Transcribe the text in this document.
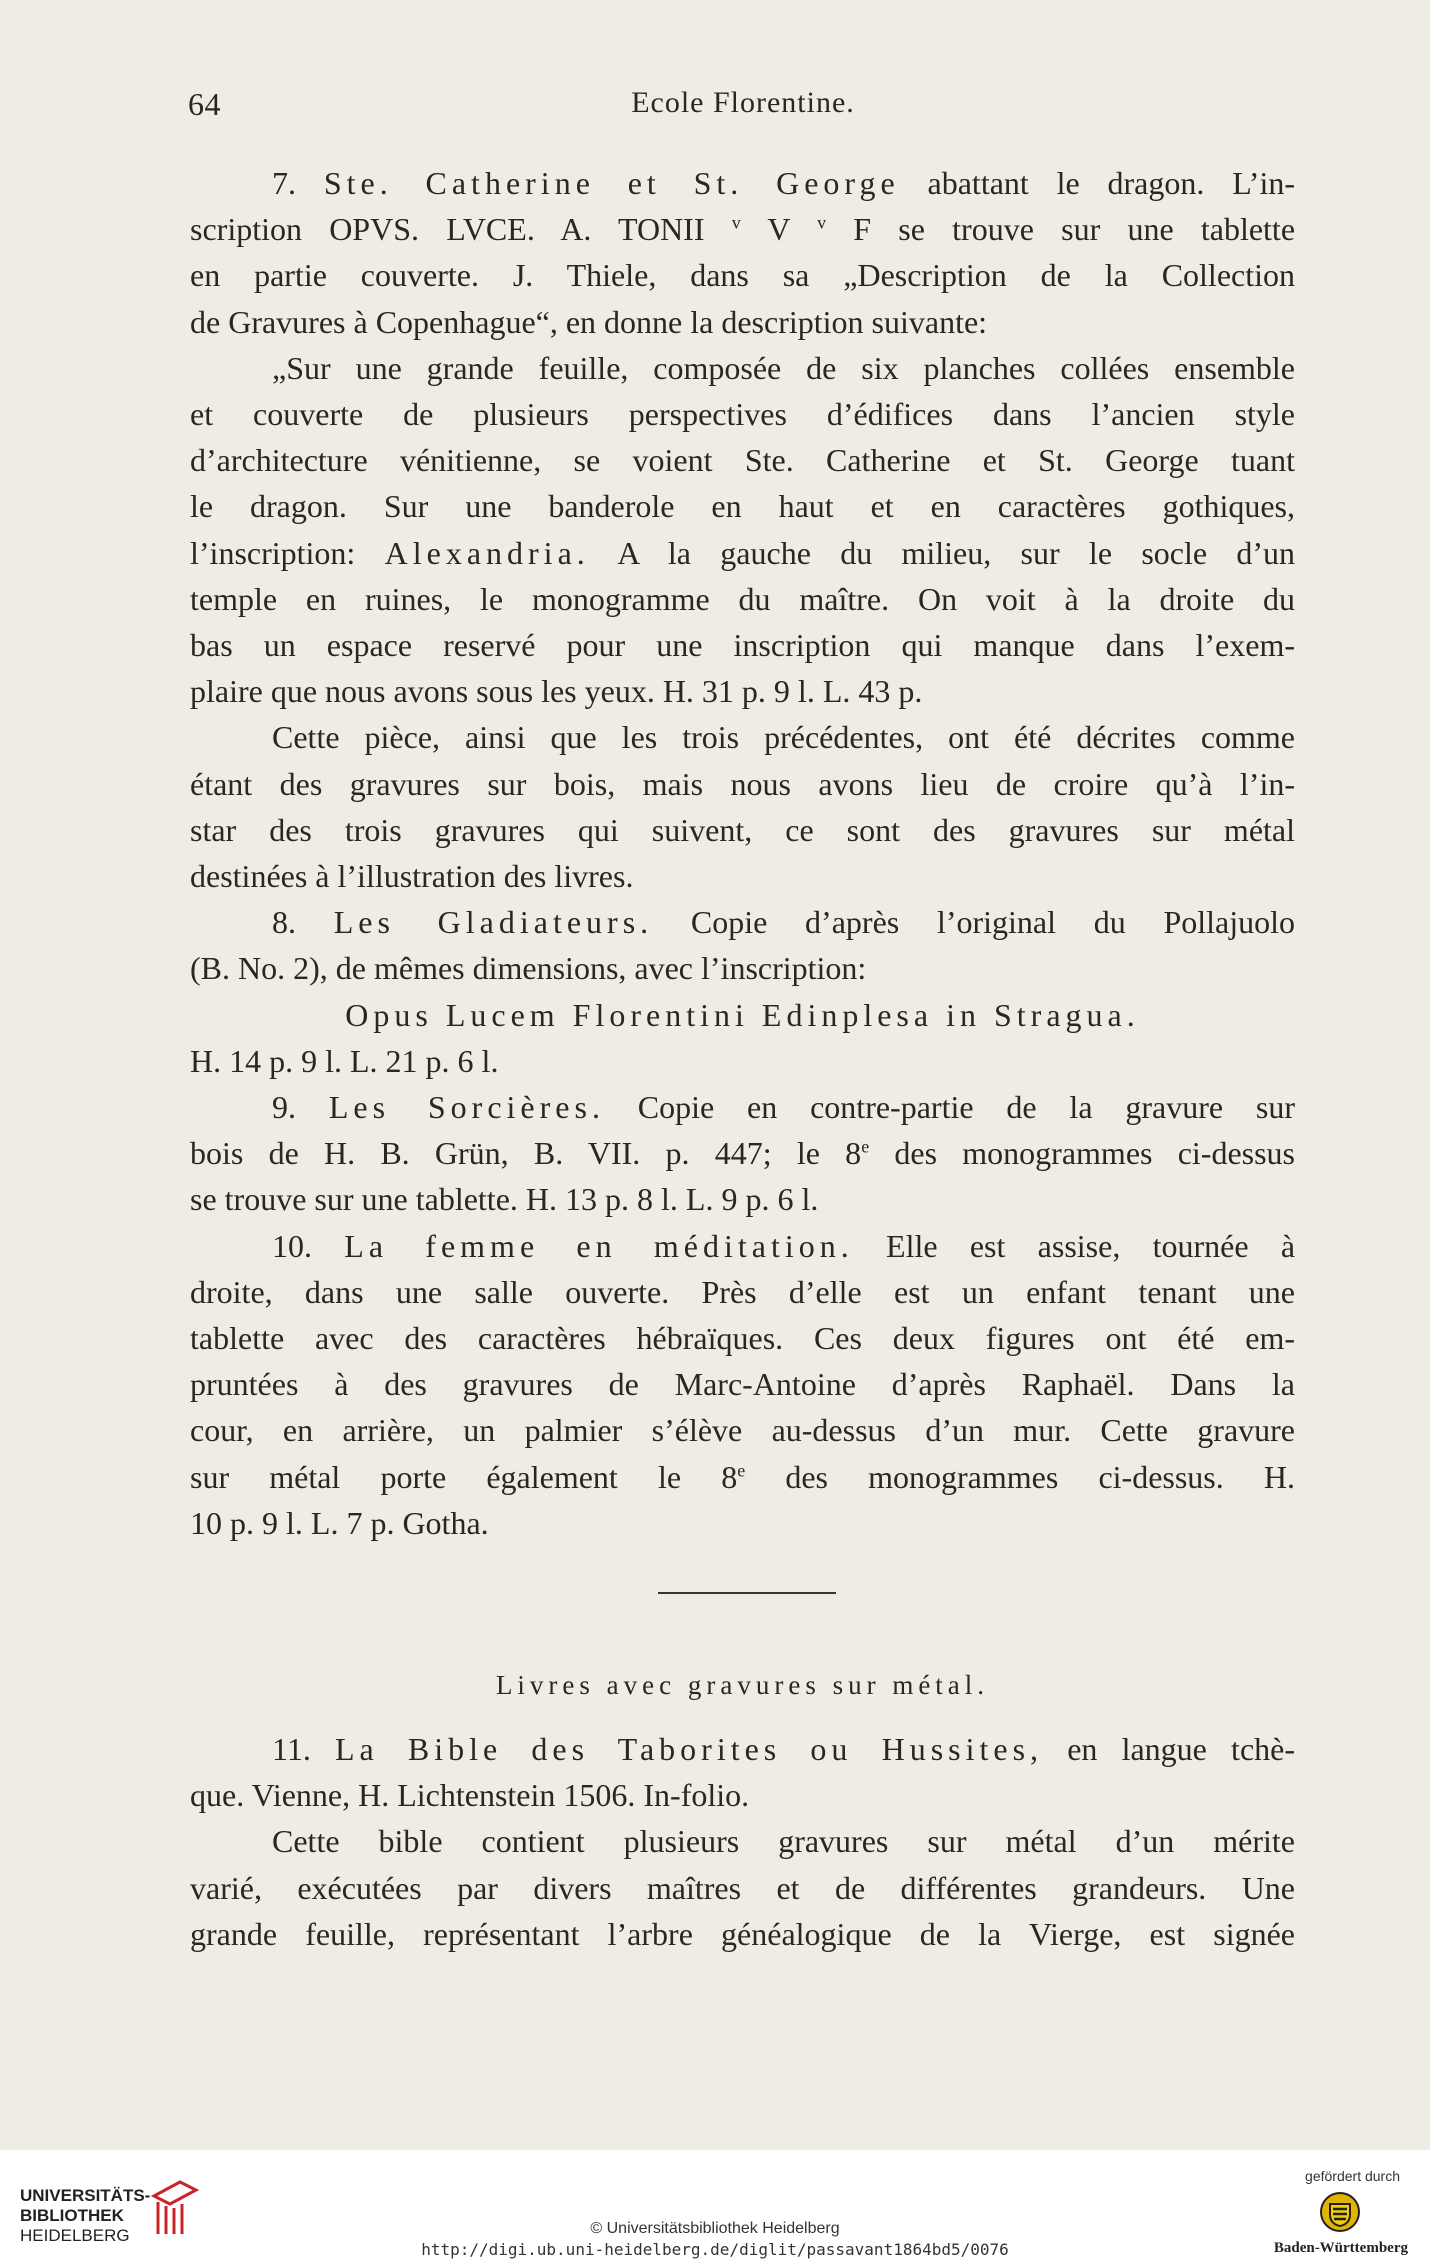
64	Ecole Florentine.

7. Ste. Catherine et St. George abattant le dragon. L’in-

scription OPVS. LVCE. A. TONII $^v$ V $^v$ F se trouve sur une tablette

en partie couverte. J. Thiele, dans sa „Description de la Collection

de Gravures à Copenhague“, en donne la description suivante:

„Sur une grande feuille, composée de six planches collées ensemble

et couverte de plusieurs perspectives d’édifices dans l’ancien style

d’architecture vénitienne, se voient Ste. Catherine et St. George tuant

le dragon. Sur une banderole en haut et en caractères gothiques,

l’inscription: Alexandria. A la gauche du milieu, sur le socle d’un

temple en ruines, le monogramme du maître. On voit à la droite du

bas un espace reservé pour une inscription qui manque dans l’exem-

plaire que nous avons sous les yeux. H. 31 p. 9 l. L. 43 p.

Cette pièce, ainsi que les trois précédentes, ont été décrites comme

étant des gravures sur bois, mais nous avons lieu de croire qu’à l’in-

star des trois gravures qui suivent, ce sont des gravures sur métal

destinées à l’illustration des livres.

8. Les Gladiateurs. Copie d’après l’original du Pollajuolo

(B. No. 2), de mêmes dimensions, avec l’inscription:

Opus Lucem Florentini Edinplesa in Stragua.

H. 14 p. 9 l. L. 21 p. 6 l.

9. Les Sorcières. Copie en contre-partie de la gravure sur

bois de H. B. Grün, B. VII. p. 447; le 8e des monogrammes ci-dessus

se trouve sur une tablette. H. 13 p. 8 l. L. 9 p. 6 l.

10. La femme en méditation. Elle est assise, tournée à

droite, dans une salle ouverte. Près d’elle est un enfant tenant une

tablette avec des caractères hébraïques. Ces deux figures ont été em-

pruntées à des gravures de Marc-Antoine d’après Raphaël. Dans la

cour, en arrière, un palmier s’élève au-dessus d’un mur. Cette gravure

sur métal porte également le 8e des monogrammes ci-dessus. H.

10 p. 9 l. L. 7 p. Gotha.

Livres avec gravures sur métal.

11. La Bible des Taborites ou Hussites, en langue tchè-

que. Vienne, H. Lichtenstein 1506. In-folio.

Cette bible contient plusieurs gravures sur métal d’un mérite

varié, exécutées par divers maîtres et de différentes grandeurs. Une

grande feuille, représentant l’arbre généalogique de la Vierge, est signée

UNIVERSITÄTS-
BIBLIOTHEK
HEIDELBERG	© Universitätsbibliothek Heidelberg
http://digi.ub.uni-heidelberg.de/diglit/passavant1864bd5/0076
gefördert durch
Baden-Württemberg
